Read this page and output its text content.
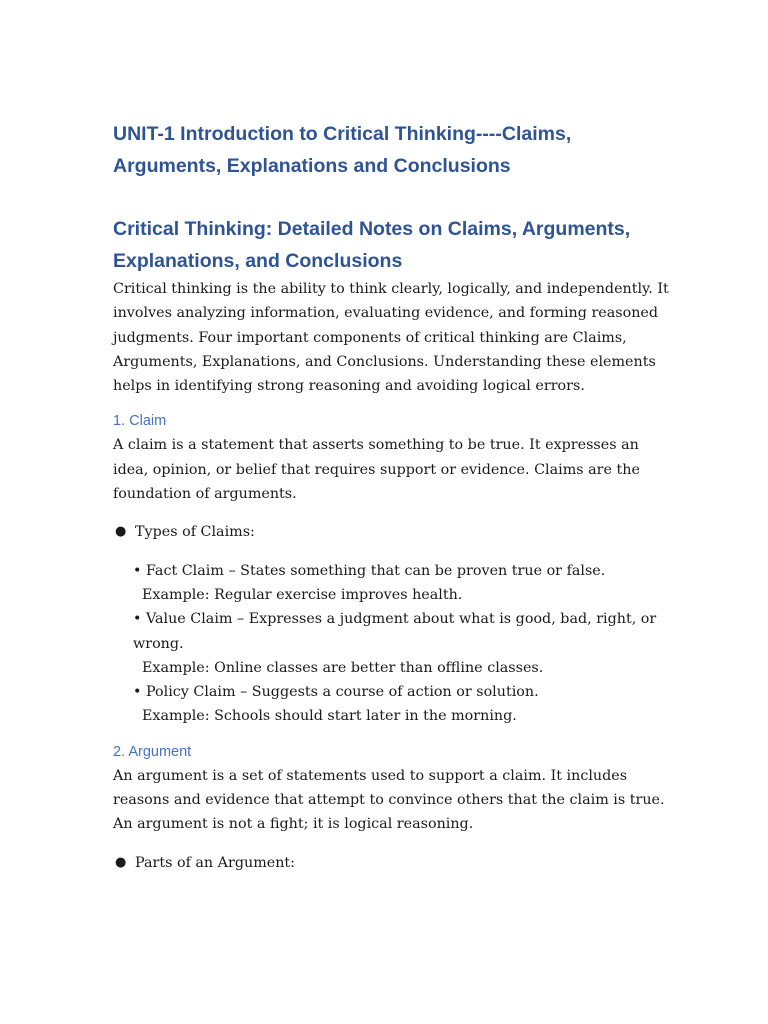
UNIT-1 Introduction to Critical Thinking----Claims, Arguments, Explanations and Conclusions
Critical Thinking: Detailed Notes on Claims, Arguments, Explanations, and Conclusions

Critical thinking is the ability to think clearly, logically, and independently. It involves analyzing information, evaluating evidence, and forming reasoned judgments. Four important components of critical thinking are Claims, Arguments, Explanations, and Conclusions. Understanding these elements helps in identifying strong reasoning and avoiding logical errors.

1. Claim

A claim is a statement that asserts something to be true. It expresses an idea, opinion, or belief that requires support or evidence. Claims are the foundation of arguments.

● Types of Claims:

• Fact Claim – States something that can be proven true or false.

Example: Regular exercise improves health.

• Value Claim – Expresses a judgment about what is good, bad, right, or wrong.

Example: Online classes are better than offline classes.

• Policy Claim – Suggests a course of action or solution.

Example: Schools should start later in the morning.

2. Argument

An argument is a set of statements used to support a claim. It includes reasons and evidence that attempt to convince others that the claim is true. An argument is not a fight; it is logical reasoning.

● Parts of an Argument:
